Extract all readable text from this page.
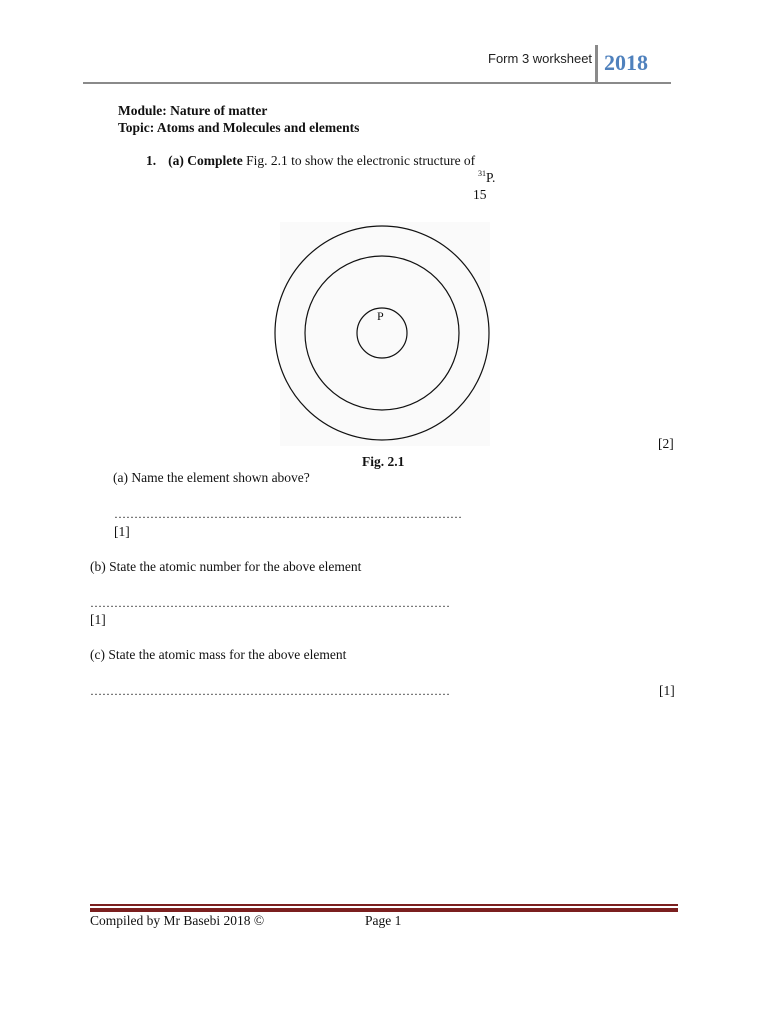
Form 3 worksheet 2018
Module: Nature of matter
Topic: Atoms and Molecules and elements
1. (a) Complete Fig. 2.1 to show the electronic structure of
$^{31}$P.
15
P
[2]
Fig. 2.1
(a) Name the element shown above?
……………………………………………………………………………
[1]
(b) State the atomic number for the above element
………………………………………………………………………………
[1]
(c) State the atomic mass for the above element
………………………………………………………………………………	[1]
Compiled by Mr Basebi 2018 ©	Page 1
